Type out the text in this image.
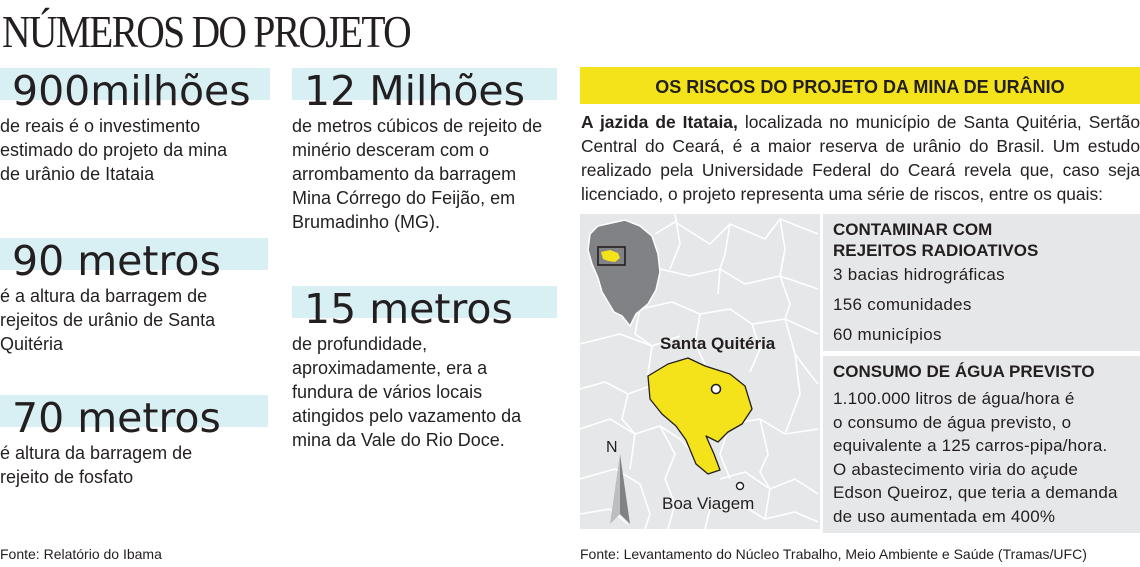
NÚMEROS DO PROJETO
900milhões
de reais é o investimento estimado do projeto da mina de urânio de Itataia
12 Milhões
de metros cúbicos de rejeito de minério desceram com o arrombamento da barragem Mina Córrego do Feijão, em Brumadinho (MG).
90 metros
é a altura da barragem de rejeitos de urânio de Santa Quitéria
15 metros
de profundidade, aproximadamente, era a fundura de vários locais atingidos pelo vazamento da mina da Vale do Rio Doce.
70 metros
é altura da barragem de rejeito de fosfato
Fonte: Relatório do Ibama
OS RISCOS DO PROJETO DA MINA DE URÂNIO
A jazida de Itataia, localizada no município de Santa Quitéria, Sertão
Central do Ceará, é a maior reserva de urânio do Brasil. Um estudo
realizado pela Universidade Federal do Ceará revela que, caso seja
licenciado, o projeto representa uma série de riscos, entre os quais:
Santa Quitéria
Boa Viagem
N
CONTAMINAR COM
REJEITOS RADIOATIVOS
3 bacias hidrográficas
156 comunidades
60 municípios
CONSUMO DE ÁGUA PREVISTO
1.100.000 litros de água/hora é
o consumo de água previsto, o
equivalente a 125 carros-pipa/hora.
O abastecimento viria do açude
Edson Queiroz, que teria a demanda
de uso aumentada em 400%
Fonte: Levantamento do Núcleo Trabalho, Meio Ambiente e Saúde (Tramas/UFC)
